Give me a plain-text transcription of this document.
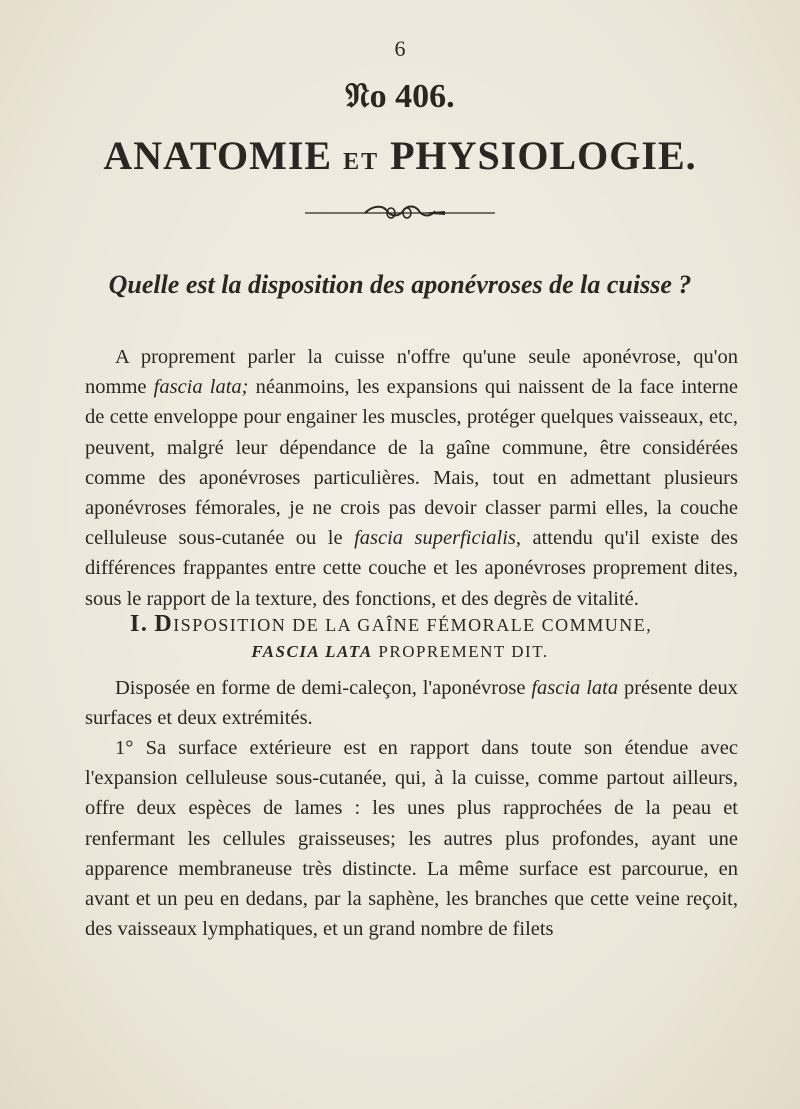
6
𝔑o 406.
ANATOMIE ET PHYSIOLOGIE.
Quelle est la disposition des aponévroses de la cuisse ?
A proprement parler la cuisse n'offre qu'une seule aponévrose, qu'on nomme fascia lata; néanmoins, les expansions qui naissent de la face interne de cette enveloppe pour engainer les muscles, protéger quelques vaisseaux, etc, peuvent, malgré leur dépendance de la gaîne commune, être considérées comme des aponévroses particulières. Mais, tout en admettant plusieurs aponévroses fémorales, je ne crois pas devoir classer parmi elles, la couche celluleuse sous-cutanée ou le fascia superficialis, attendu qu'il existe des différences frappantes entre cette couche et les aponévroses proprement dites, sous le rapport de la texture, des fonctions, et des degrès de vitalité.
I. DISPOSITION DE LA GAÎNE FÉMORALE COMMUNE,
FASCIA LATA PROPREMENT DIT.
Disposée en forme de demi-caleçon, l'aponévrose fascia lata présente deux surfaces et deux extrémités.
1° Sa surface extérieure est en rapport dans toute son étendue avec l'expansion celluleuse sous-cutanée, qui, à la cuisse, comme partout ailleurs, offre deux espèces de lames : les unes plus rapprochées de la peau et renfermant les cellules graisseuses; les autres plus profondes, ayant une apparence membraneuse très distincte. La même surface est parcourue, en avant et un peu en dedans, par la saphène, les branches que cette veine reçoit, des vaisseaux lymphatiques, et un grand nombre de filets
